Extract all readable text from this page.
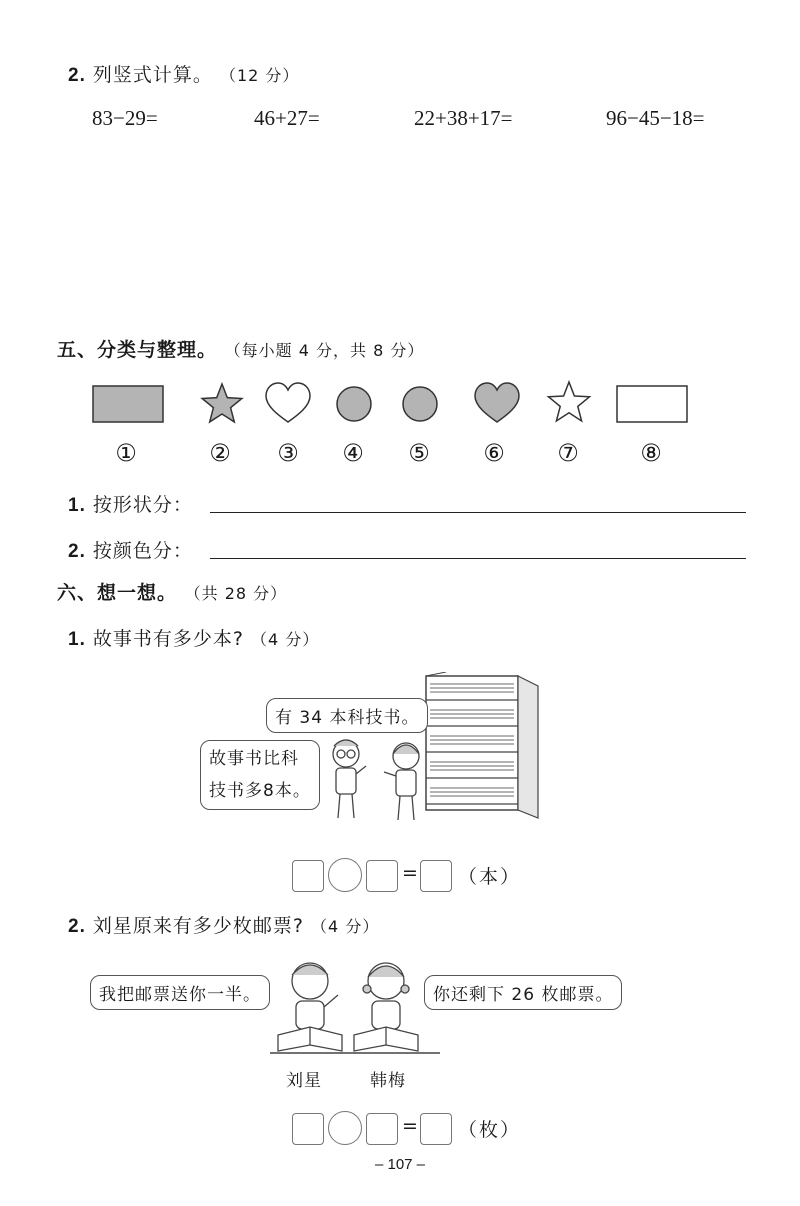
2. 列竖式计算。 （12 分）
83−29=	46+27=	22+38+17=	96−45−18=
五、分类与整理。 （每小题 4 分，共 8 分）
①	②	③	④	⑤	⑥	⑦	⑧
1. 按形状分：
2. 按颜色分：
六、想一想。 （共 28 分）
1. 故事书有多少本? （4 分）
有 34 本科技书。
故事书比科
技书多8本。
= （本）
2. 刘星原来有多少枚邮票? （4 分）
我把邮票送你一半。	你还剩下 26 枚邮票。
刘星	韩梅
= （枚）
– 107 –
